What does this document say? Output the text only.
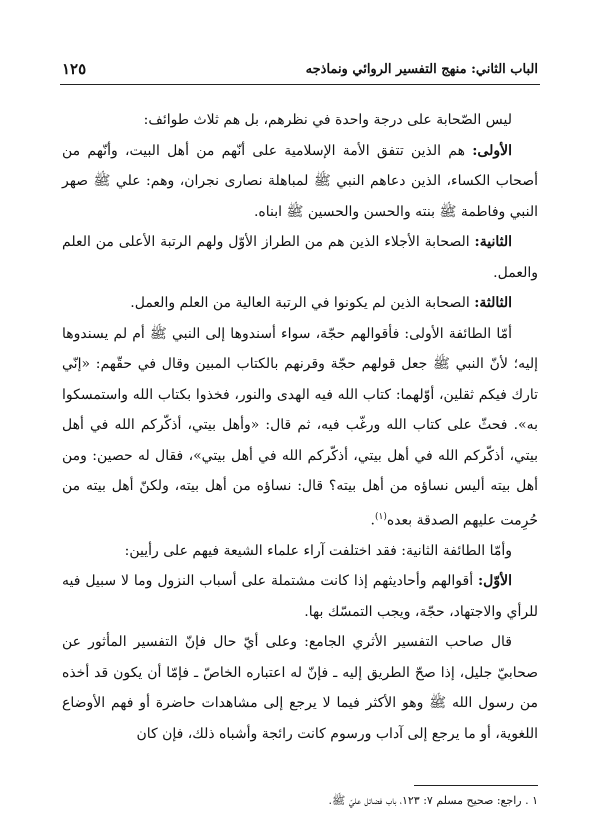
الباب الثاني: منهج التفسير الروائي ونماذجه
١٢٥

ليس الصّحابة على درجة واحدة في نظرهم، بل هم ثلاث طوائف:

الأولى: هم الذين تتفق الأمة الإسلامية على أنّهم من أهل البيت، وأنّهم من أصحاب الكساء، الذين دعاهم النبي ﷺ لمباهلة نصارى نجران، وهم: علي ﷺ صهر النبي وفاطمة ﷺ بنته والحسن والحسين ﷺ ابناه.

الثانية: الصحابة الأجلاء الذين هم من الطراز الأوّل ولهم الرتبة الأعلى من العلم والعمل.

الثالثة: الصحابة الذين لم يكونوا في الرتبة العالية من العلم والعمل.

أمّا الطائفة الأولى: فأقوالهم حجّة، سواء أسندوها إلى النبي ﷺ أم لم يسندوها إليه؛ لأنّ النبي ﷺ جعل قولهم حجّة وقرنهم بالكتاب المبين وقال في حقّهم: «إنّي تارك فيكم ثقلين، أوّلهما: كتاب الله فيه الهدى والنور، فخذوا بكتاب الله واستمسكوا به». فحثّ على كتاب الله ورغّب فيه، ثم قال: «وأهل بيتي، أذكّركم الله في أهل بيتي، أذكّركم الله في أهل بيتي، أذكّركم الله في أهل بيتي»، فقال له حصين: ومن أهل بيته أليس نساؤه من أهل بيته؟ قال: نساؤه من أهل بيته، ولكنّ أهل بيته من حُرِمت عليهم الصدقة بعده$^{(١)}$.

وأمّا الطائفة الثانية: فقد اختلفت آراء علماء الشيعة فيهم على رأيين:

الأوّل: أقوالهم وأحاديثهم إذا كانت مشتملة على أسباب النزول وما لا سبيل فيه للرأي والاجتهاد، حجّة، ويجب التمسّك بها.

قال صاحب التفسير الأثري الجامع: وعلى أيّ حال فإنّ التفسير المأثور عن صحابيّ جليل، إذا صحّ الطريق إليه ـ فإنّ له اعتباره الخاصّ ـ فإمّا أن يكون قد أخذه من رسول الله ﷺ وهو الأكثر فيما لا يرجع إلى مشاهدات حاضرة أو فهم الأوضاع اللغوية، أو ما يرجع إلى آداب ورسوم كانت رائجة وأشباه ذلك، فإن كان

١ . راجع: صحيح مسلم ٧: ١٢٣، باب فضائل عليّ ﷺ.
